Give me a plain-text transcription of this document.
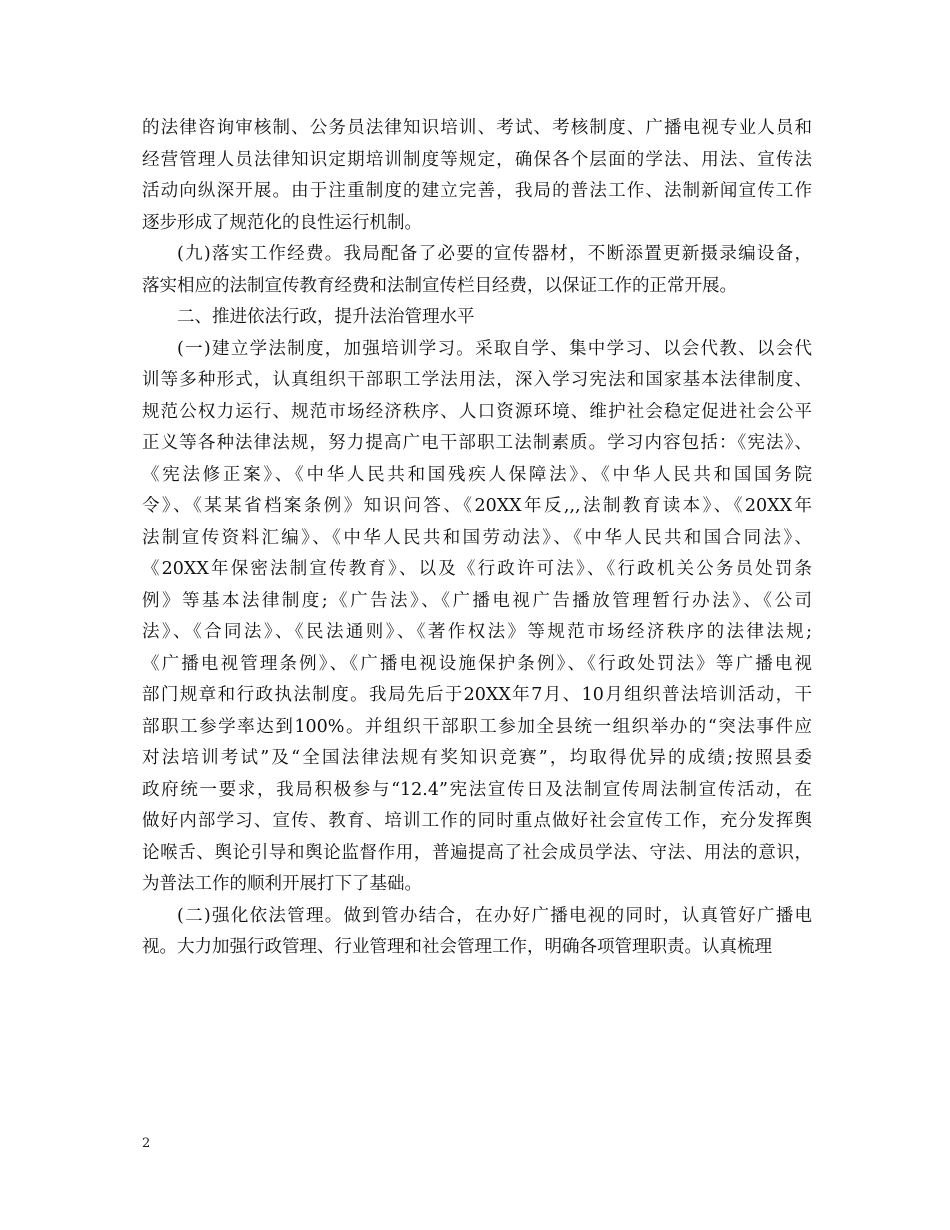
的法律咨询审核制、公务员法律知识培训、考试、考核制度、广播电视专业人员和
经营管理人员法律知识定期培训制度等规定，确保各个层面的学法、用法、宣传法
活动向纵深开展。由于注重制度的建立完善，我局的普法工作、法制新闻宣传工作
逐步形成了规范化的良性运行机制。
(九)落实工作经费。我局配备了必要的宣传器材，不断添置更新摄录编设备，
落实相应的法制宣传教育经费和法制宣传栏目经费，以保证工作的正常开展。
二、推进依法行政，提升法治管理水平
(一)建立学法制度，加强培训学习。采取自学、集中学习、以会代教、以会代
训等多种形式，认真组织干部职工学法用法，深入学习宪法和国家基本法律制度、
规范公权力运行、规范市场经济秩序、人口资源环境、维护社会稳定促进社会公平
正义等各种法律法规，努力提高广电干部职工法制素质。学习内容包括：《宪法》、
《宪法修正案》、《中华人民共和国残疾人保障法》、《中华人民共和国国务院
令》、《某某省档案条例》知识问答、《20XX年反,,,法制教育读本》、《20XX年
法制宣传资料汇编》、《中华人民共和国劳动法》、《中华人民共和国合同法》、
《20XX年保密法制宣传教育》、以及《行政许可法》、《行政机关公务员处罚条
例》等基本法律制度;《广告法》、《广播电视广告播放管理暂行办法》、《公司
法》、《合同法》、《民法通则》、《著作权法》等规范市场经济秩序的法律法规;
《广播电视管理条例》、《广播电视设施保护条例》、《行政处罚法》等广播电视
部门规章和行政执法制度。我局先后于20XX年7月、10月组织普法培训活动，干
部职工参学率达到100%。并组织干部职工参加全县统一组织举办的“突法事件应
对法培训考试”及“全国法律法规有奖知识竞赛”，均取得优异的成绩;按照县委
政府统一要求，我局积极参与“12.4”宪法宣传日及法制宣传周法制宣传活动，在
做好内部学习、宣传、教育、培训工作的同时重点做好社会宣传工作，充分发挥舆
论喉舌、舆论引导和舆论监督作用，普遍提高了社会成员学法、守法、用法的意识，
为普法工作的顺利开展打下了基础。
(二)强化依法管理。做到管办结合，在办好广播电视的同时，认真管好广播电
视。大力加强行政管理、行业管理和社会管理工作，明确各项管理职责。认真梳理
2
